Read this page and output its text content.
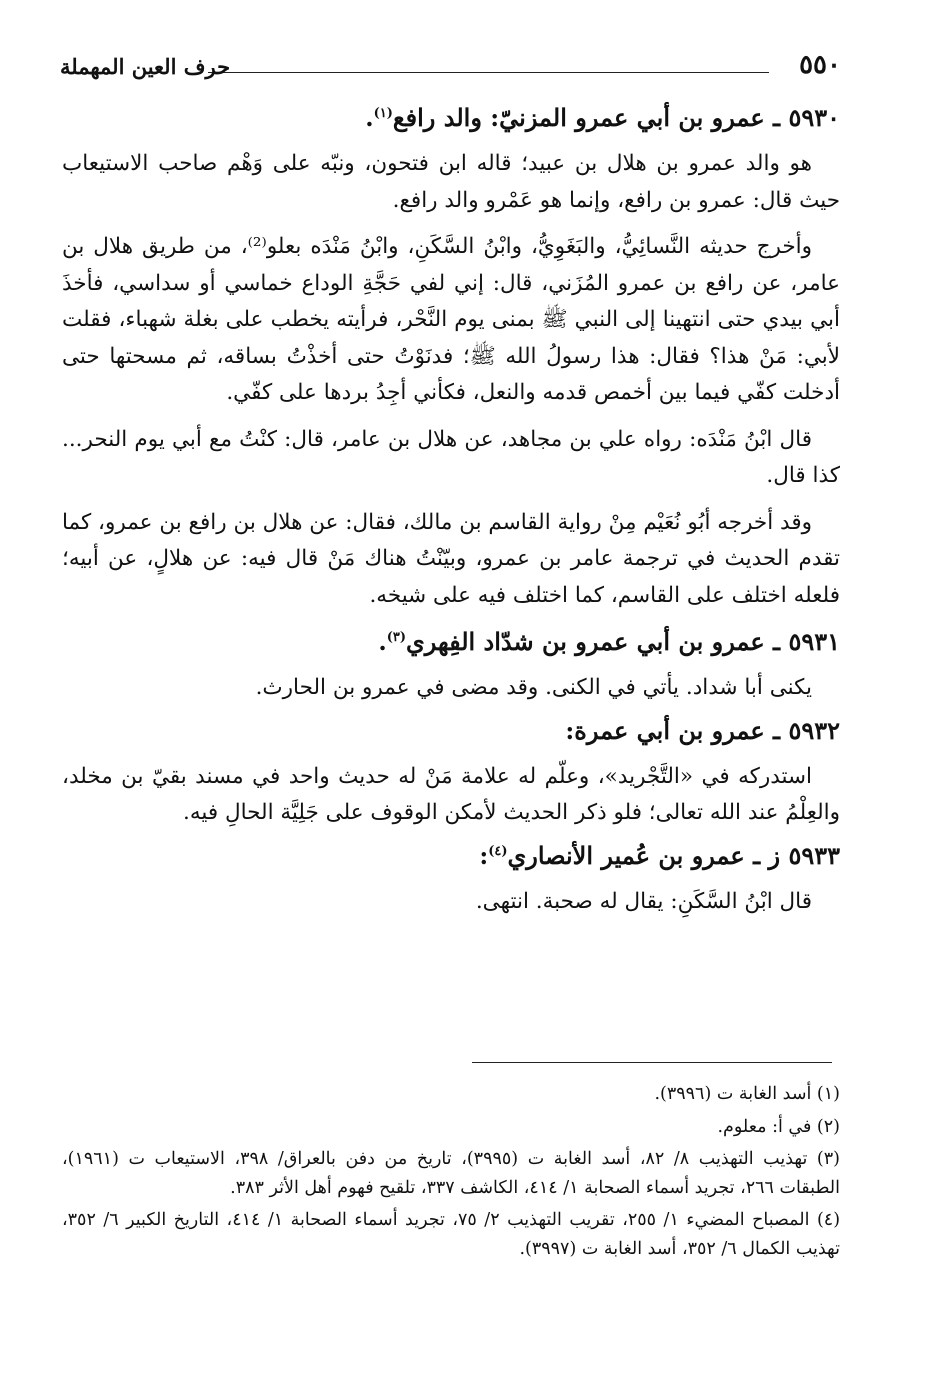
٥٥٠
حرف العين المهملة
٥٩٣٠ ـ عمرو بن أبي عمرو المزنيّ: والد رافع$^{(١)}$.

هو والد عمرو بن هلال بن عبيد؛ قاله ابن فتحون، ونبّه على وَهْم صاحب الاستيعاب حيث قال: عمرو بن رافع، وإنما هو عَمْرو والد رافع.

وأخرج حديثه النَّسائِيُّ، والبَغَوِيُّ، وابْنُ السَّكَنِ، وابْنُ مَنْدَه بعلو⁽²⁾، من طريق هلال بن عامر، عن رافع بن عمرو المُزَني، قال: إني لفي حَجَّةِ الوداع خماسي أو سداسي، فأخذَ أبي بيدي حتى انتهينا إلى النبي ﷺ بمنى يوم النَّحْر، فرأيته يخطب على بغلة شهباء، فقلت لأبي: مَنْ هذا؟ فقال: هذا رسولُ الله ﷺ؛ فدنَوْتُ حتى أخذْتُ بساقه، ثم مسحتها حتى أدخلت كفّي فيما بين أخمص قدمه والنعل، فكأني أجِدُ بردها على كفّي.

قال ابْنُ مَنْدَه: رواه علي بن مجاهد، عن هلال بن عامر، قال: كنْتُ مع أبي يوم النحر... كذا قال.

وقد أخرجه أبُو نُعَيْم مِنْ رواية القاسم بن مالك، فقال: عن هلال بن رافع بن عمرو، كما تقدم الحديث في ترجمة عامر بن عمرو، وبيّنْتُ هناك مَنْ قال فيه: عن هلالٍ، عن أبيه؛ فلعله اختلف على القاسم، كما اختلف فيه على شيخه.

٥٩٣١ ـ عمرو بن أبي عمرو بن شدّاد الفِهري$^{(٣)}$.

يكنى أبا شداد. يأتي في الكنى. وقد مضى في عمرو بن الحارث.

٥٩٣٢ ـ عمرو بن أبي عمرة:

استدركه في «التَّجْريد»، وعلّم له علامة مَنْ له حديث واحد في مسند بقيّ بن مخلد، والعِلْمُ عند الله تعالى؛ فلو ذكر الحديث لأمكن الوقوف على جَلِيَّة الحالِ فيه.

٥٩٣٣ ز ـ عمرو بن عُمير الأنصاري$^{(٤)}$:

قال ابْنُ السَّكَنِ: يقال له صحبة. انتهى.

(١) أسد الغابة ت (٣٩٩٦).

(٢) في أ: معلوم.

(٣) تهذيب التهذيب ٨/ ٨٢، أسد الغابة ت (٣٩٩٥)، تاريخ من دفن بالعراق/ ٣٩٨، الاستيعاب ت (١٩٦١)، الطبقات ٢٦٦، تجريد أسماء الصحابة ١/ ٤١٤، الكاشف ٣٣٧، تلقيح فهوم أهل الأثر ٣٨٣.

(٤) المصباح المضيء ١/ ٢٥٥، تقريب التهذيب ٢/ ٧٥، تجريد أسماء الصحابة ١/ ٤١٤، التاريخ الكبير ٦/ ٣٥٢، تهذيب الكمال ٦/ ٣٥٢، أسد الغابة ت (٣٩٩٧).
